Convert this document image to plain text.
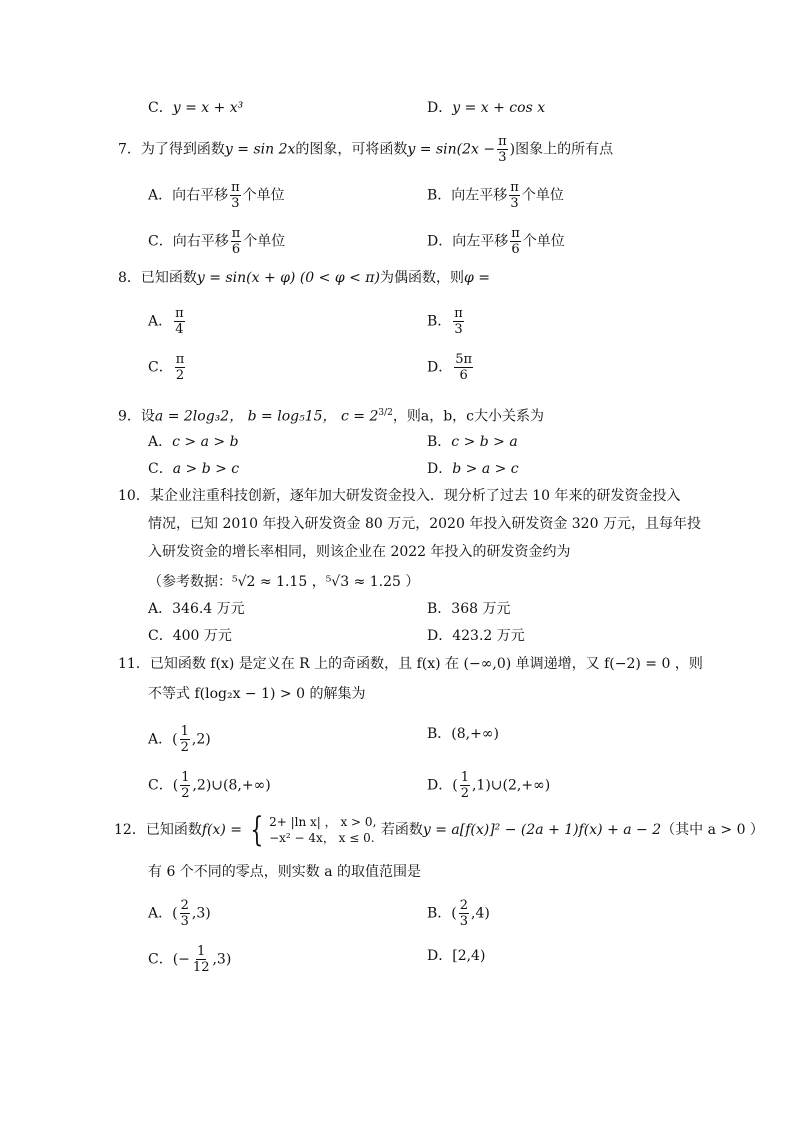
C．y = x + x³	D．y = x + cos x
7．为了得到函数y = sin 2x的图象，可将函数$y = \sin(2x - \frac{\pi}{3}$ )图象上的所有点
A．向右平移 $\frac{\pi}{3}$ 个单位	B．向左平移 $\frac{\pi}{3}$ 个单位
C．向右平移 $\frac{\pi}{6}$ 个单位	D．向左平移 $\frac{\pi}{6}$ 个单位
8．已知函数y = sin(x + φ) (0 < φ < π)为偶函数，则φ =
A． $\frac{\pi}{4}$	B． $\frac{\pi}{3}$
C． $\frac{\pi}{2}$	D． $\frac{5\pi}{6}$
9．设a = 2log₃2， b = log₅15， $c = 2^{3/2}$，则a，b，c大小关系为
A．c > a > b	B．c > b > a
C．a > b > c	D．b > a > c
10．某企业注重科技创新，逐年加大研发资金投入．现分析了过去 10 年来的研发资金投入
情况，已知 2010 年投入研发资金 80 万元，2020 年投入研发资金 320 万元，且每年投
入研发资金的增长率相同，则该企业在 2022 年投入的研发资金约为
（参考数据：⁵√2 ≈ 1.15 ，⁵√3 ≈ 1.25 ）
A．346.4 万元	B．368 万元
C．400 万元	D．423.2 万元
11．已知函数 f(x) 是定义在 R 上的奇函数，且 f(x) 在 (−∞,0) 单调递增，又 f(−2) = 0 ，则
不等式 f(log₂x − 1) > 0 的解集为
A．( $\frac{1}{2} ,2$)	B．(8,+∞)
C．( $\frac{1}{2}$ ,2)∪(8,+∞)	D．( $\frac{1}{2}$ ,1)∪(2,+∞)
12．已知函数f(x) = { 2+ |ln x| ， x > 0,
−x² − 4x， x ≤ 0. 若函数y = a[f(x)]² − (2a + 1)f(x) + a − 2（其中 a > 0 ）
有 6 个不同的零点，则实数 a 的取值范围是
A．( $\frac{2}{3} ,3$)	B．( $\frac{2}{3} ,4$)
C．(− $\frac{1}{12} ,3$)	D．[2,4)
